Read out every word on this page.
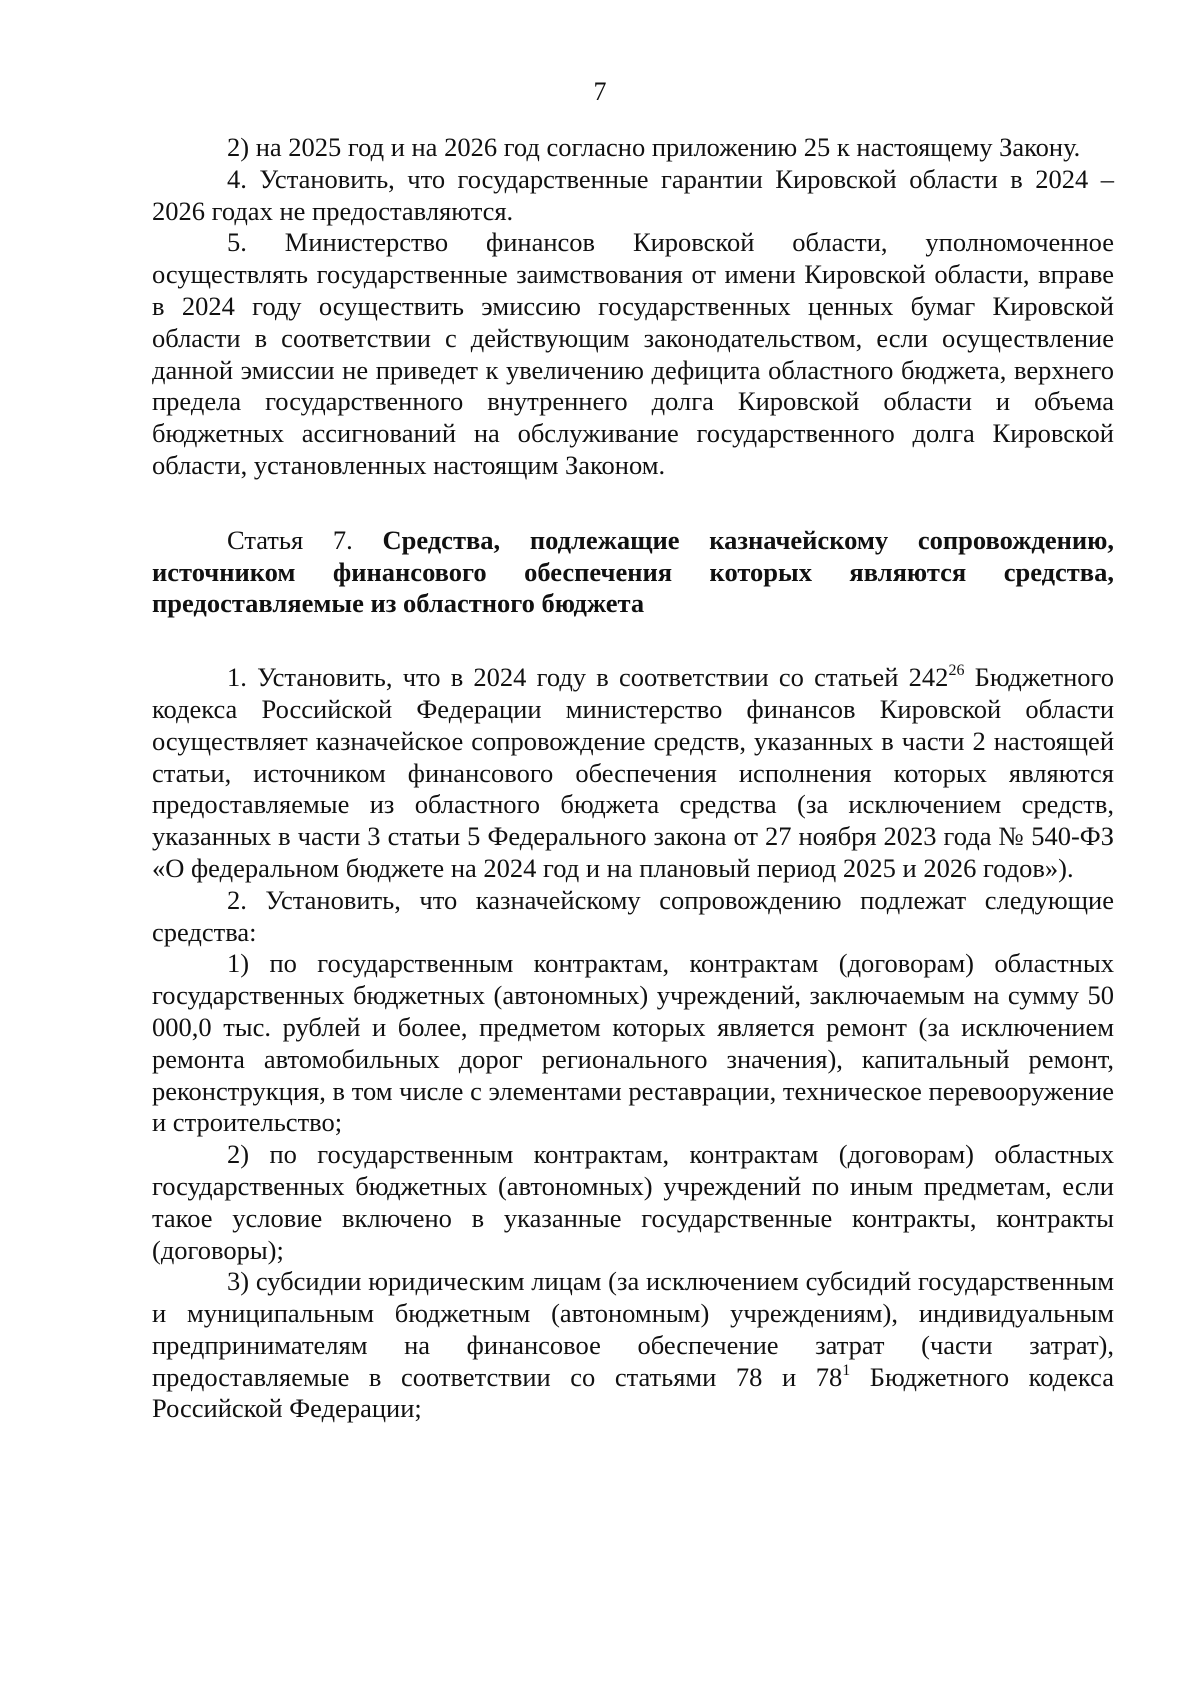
7

2) на 2025 год и на 2026 год согласно приложению 25 к настоящему Закону.

4. Установить, что государственные гарантии Кировской области в 2024 – 2026 годах не предоставляются.

5. Министерство финансов Кировской области, уполномоченное осуществлять государственные заимствования от имени Кировской области, вправе в 2024 году осуществить эмиссию государственных ценных бумаг Кировской области в соответствии с действующим законодательством, если осуществление данной эмиссии не приведет к увеличению дефицита областного бюджета, верхнего предела государственного внутреннего долга Кировской области и объема бюджетных ассигнований на обслуживание государственного долга Кировской области, установленных настоящим Законом.

Статья 7. Средства, подлежащие казначейскому сопровождению, источником финансового обеспечения которых являются средства, предоставляемые из областного бюджета

1. Установить, что в 2024 году в соответствии со статьей $242^{26}$ Бюджетного кодекса Российской Федерации министерство финансов Кировской области осуществляет казначейское сопровождение средств, указанных в части 2 настоящей статьи, источником финансового обеспечения исполнения которых являются предоставляемые из областного бюджета средства (за исключением средств, указанных в части 3 статьи 5 Федерального закона от 27 ноября 2023 года № 540-ФЗ «О федеральном бюджете на 2024 год и на плановый период 2025 и 2026 годов»).

2. Установить, что казначейскому сопровождению подлежат следующие средства:

1) по государственным контрактам, контрактам (договорам) областных государственных бюджетных (автономных) учреждений, заключаемым на сумму 50 000,0 тыс. рублей и более, предметом которых является ремонт (за исключением ремонта автомобильных дорог регионального значения), капитальный ремонт, реконструкция, в том числе с элементами реставрации, техническое перевооружение и строительство;

2) по государственным контрактам, контрактам (договорам) областных государственных бюджетных (автономных) учреждений по иным предметам, если такое условие включено в указанные государственные контракты, контракты (договоры);

3) субсидии юридическим лицам (за исключением субсидий государственным и муниципальным бюджетным (автономным) учреждениям), индивидуальным предпринимателям на финансовое обеспечение затрат (части затрат), предоставляемые в соответствии со статьями 78 и $78^1$ Бюджетного кодекса Российской Федерации;
